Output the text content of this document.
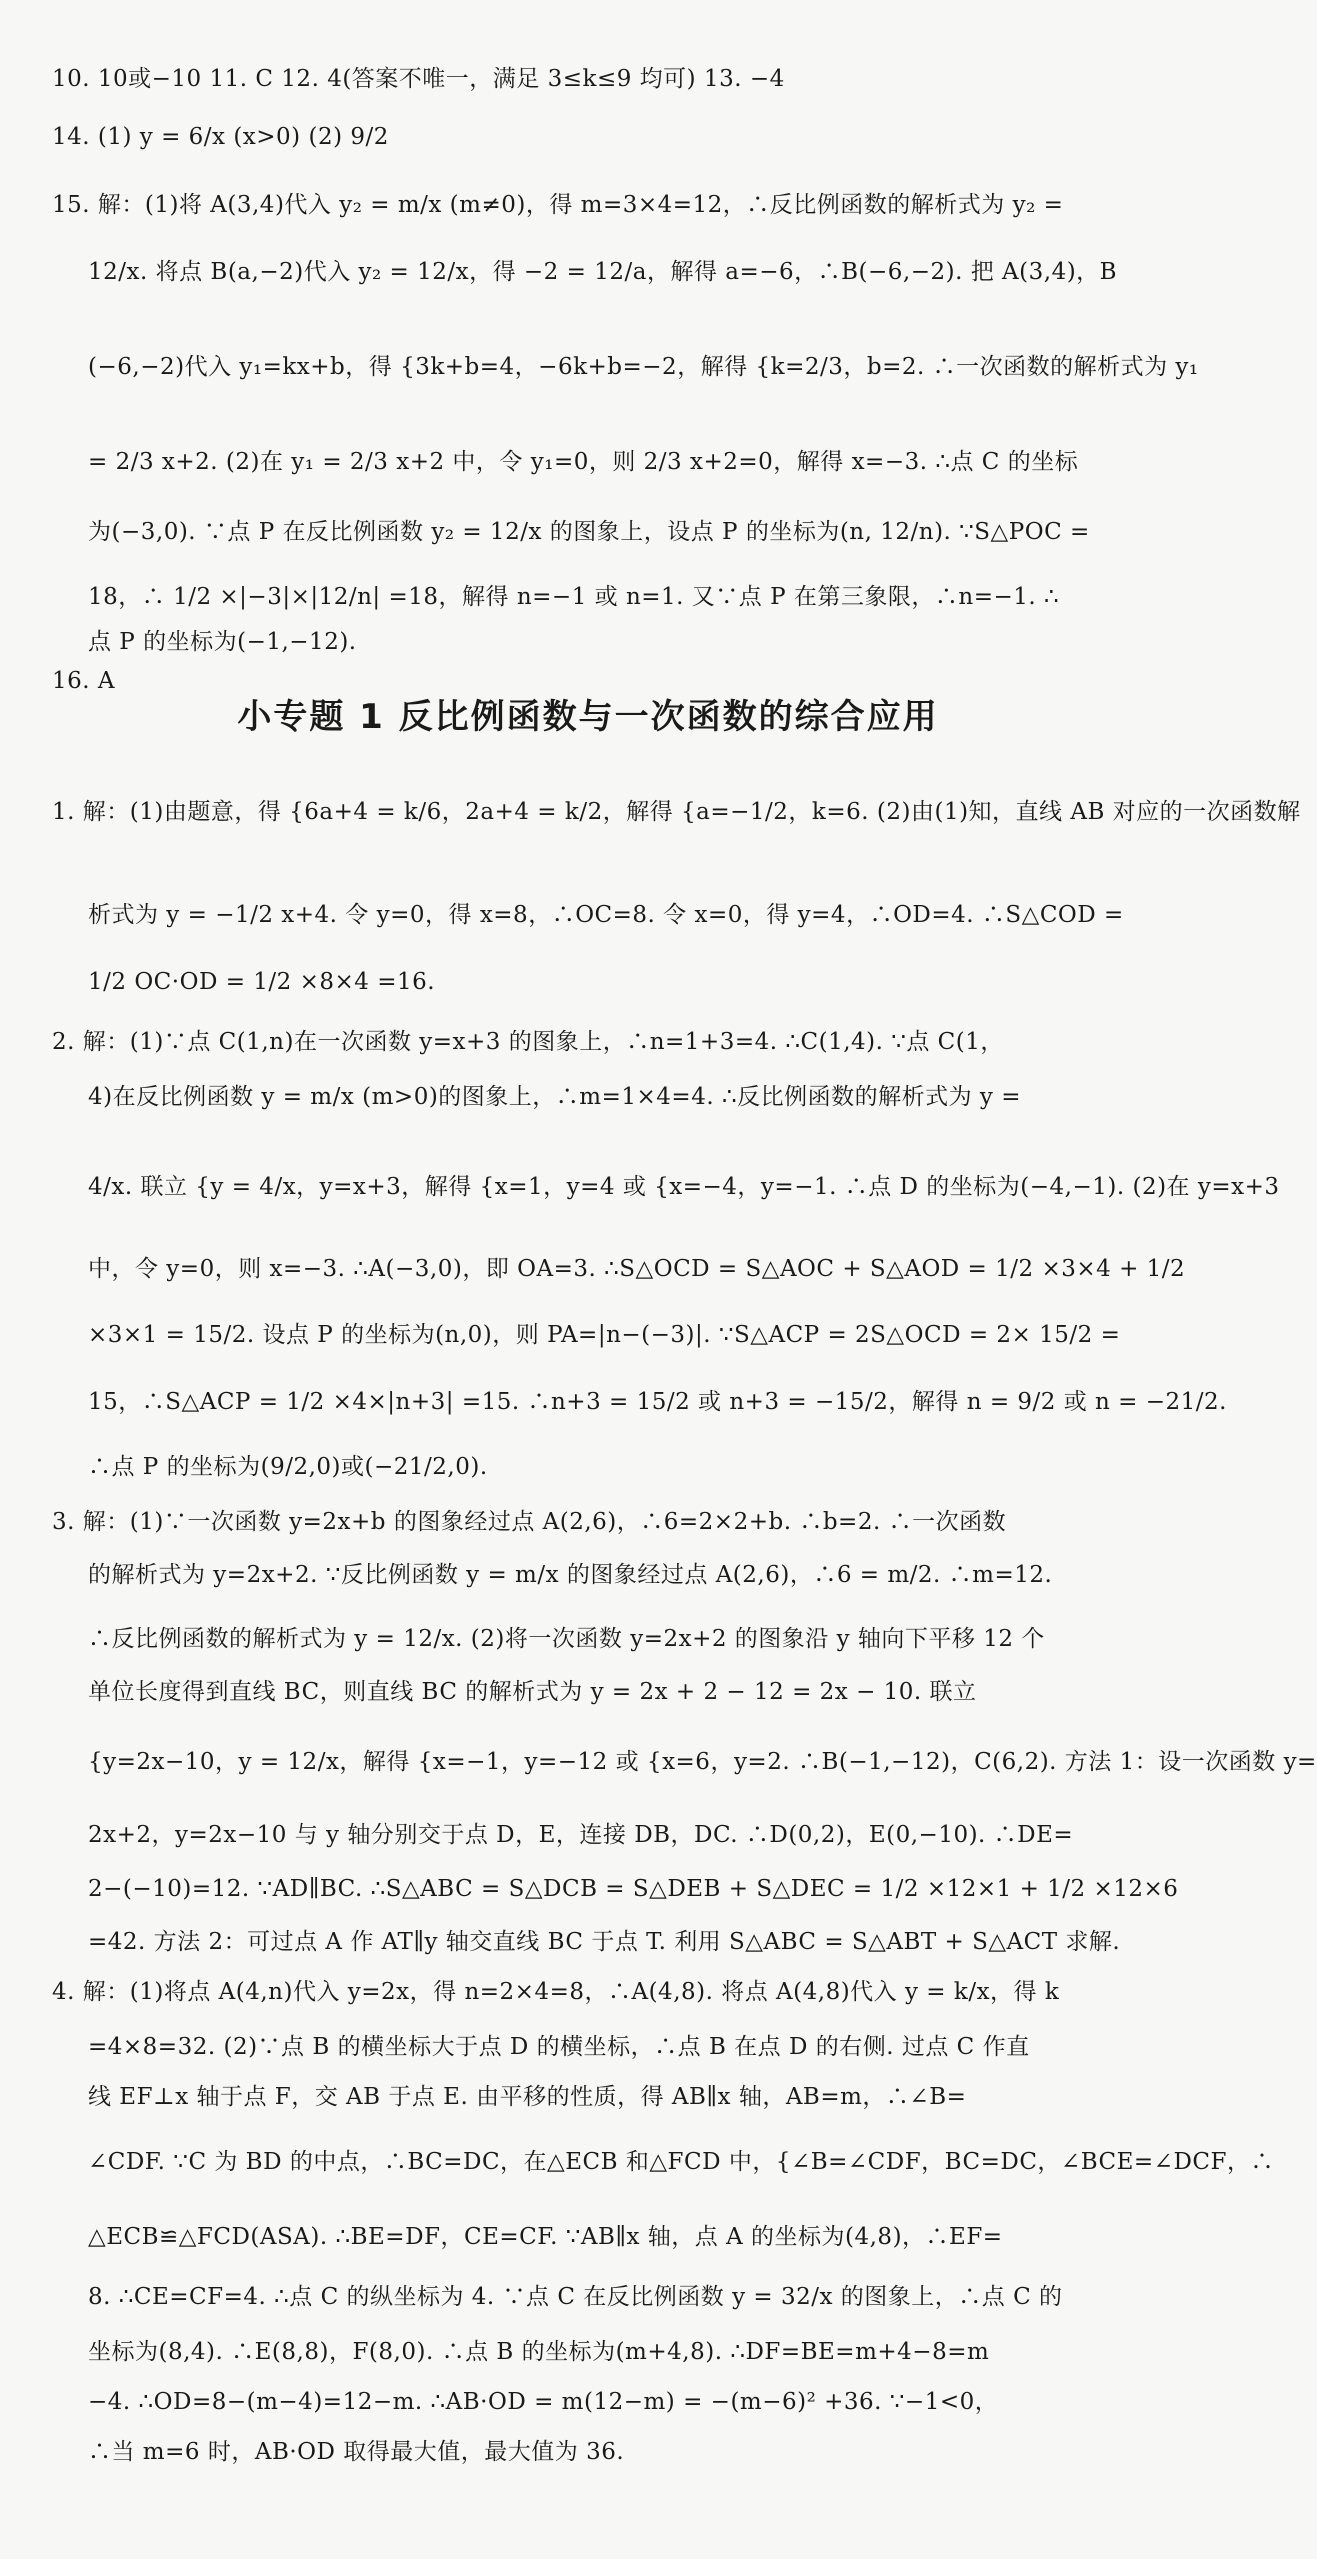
10. 10或−10 11. C 12. 4(答案不唯一，满足 3≤k≤9 均可) 13. −4
14. (1) y = 6/x (x>0) (2) 9/2
15. 解：(1)将 A(3,4)代入 y₂ = m/x (m≠0)，得 m=3×4=12，∴反比例函数的解析式为 y₂ =
12/x. 将点 B(a,−2)代入 y₂ = 12/x，得 −2 = 12/a，解得 a=−6，∴B(−6,−2). 把 A(3,4)，B
(−6,−2)代入 y₁=kx+b，得 {3k+b=4，−6k+b=−2，解得 {k=2/3，b=2. ∴一次函数的解析式为 y₁
= 2/3 x+2. (2)在 y₁ = 2/3 x+2 中，令 y₁=0，则 2/3 x+2=0，解得 x=−3. ∴点 C 的坐标
为(−3,0). ∵点 P 在反比例函数 y₂ = 12/x 的图象上，设点 P 的坐标为(n, 12/n). ∵S△POC =
18，∴ 1/2 ×|−3|×|12/n| =18，解得 n=−1 或 n=1. 又∵点 P 在第三象限，∴n=−1. ∴
点 P 的坐标为(−1,−12).
16. A
小专题 1 反比例函数与一次函数的综合应用
1. 解：(1)由题意，得 {6a+4 = k/6，2a+4 = k/2，解得 {a=−1/2，k=6. (2)由(1)知，直线 AB 对应的一次函数解
析式为 y = −1/2 x+4. 令 y=0，得 x=8，∴OC=8. 令 x=0，得 y=4，∴OD=4. ∴S△COD =
1/2 OC·OD = 1/2 ×8×4 =16.
2. 解：(1)∵点 C(1,n)在一次函数 y=x+3 的图象上，∴n=1+3=4. ∴C(1,4). ∵点 C(1，
4)在反比例函数 y = m/x (m>0)的图象上，∴m=1×4=4. ∴反比例函数的解析式为 y =
4/x. 联立 {y = 4/x，y=x+3，解得 {x=1，y=4 或 {x=−4，y=−1. ∴点 D 的坐标为(−4,−1). (2)在 y=x+3
中，令 y=0，则 x=−3. ∴A(−3,0)，即 OA=3. ∴S△OCD = S△AOC + S△AOD = 1/2 ×3×4 + 1/2
×3×1 = 15/2. 设点 P 的坐标为(n,0)，则 PA=|n−(−3)|. ∵S△ACP = 2S△OCD = 2× 15/2 =
15，∴S△ACP = 1/2 ×4×|n+3| =15. ∴n+3 = 15/2 或 n+3 = −15/2，解得 n = 9/2 或 n = −21/2.
∴点 P 的坐标为(9/2,0)或(−21/2,0).
3. 解：(1)∵一次函数 y=2x+b 的图象经过点 A(2,6)，∴6=2×2+b. ∴b=2. ∴一次函数
的解析式为 y=2x+2. ∵反比例函数 y = m/x 的图象经过点 A(2,6)，∴6 = m/2. ∴m=12.
∴反比例函数的解析式为 y = 12/x. (2)将一次函数 y=2x+2 的图象沿 y 轴向下平移 12 个
单位长度得到直线 BC，则直线 BC 的解析式为 y = 2x + 2 − 12 = 2x − 10. 联立
{y=2x−10，y = 12/x，解得 {x=−1，y=−12 或 {x=6，y=2. ∴B(−1,−12)，C(6,2). 方法 1：设一次函数 y=
2x+2，y=2x−10 与 y 轴分别交于点 D，E，连接 DB，DC. ∴D(0,2)，E(0,−10). ∴DE=
2−(−10)=12. ∵AD∥BC. ∴S△ABC = S△DCB = S△DEB + S△DEC = 1/2 ×12×1 + 1/2 ×12×6
=42. 方法 2：可过点 A 作 AT∥y 轴交直线 BC 于点 T. 利用 S△ABC = S△ABT + S△ACT 求解.
4. 解：(1)将点 A(4,n)代入 y=2x，得 n=2×4=8，∴A(4,8). 将点 A(4,8)代入 y = k/x，得 k
=4×8=32. (2)∵点 B 的横坐标大于点 D 的横坐标，∴点 B 在点 D 的右侧. 过点 C 作直
线 EF⊥x 轴于点 F，交 AB 于点 E. 由平移的性质，得 AB∥x 轴，AB=m，∴∠B=
∠CDF. ∵C 为 BD 的中点，∴BC=DC，在△ECB 和△FCD 中，{∠B=∠CDF，BC=DC，∠BCE=∠DCF，∴
△ECB≌△FCD(ASA). ∴BE=DF，CE=CF. ∵AB∥x 轴，点 A 的坐标为(4,8)，∴EF=
8. ∴CE=CF=4. ∴点 C 的纵坐标为 4. ∵点 C 在反比例函数 y = 32/x 的图象上，∴点 C 的
坐标为(8,4). ∴E(8,8)，F(8,0). ∴点 B 的坐标为(m+4,8). ∴DF=BE=m+4−8=m
−4. ∴OD=8−(m−4)=12−m. ∴AB·OD = m(12−m) = −(m−6)² +36. ∵−1<0，
∴当 m=6 时，AB·OD 取得最大值，最大值为 36.
